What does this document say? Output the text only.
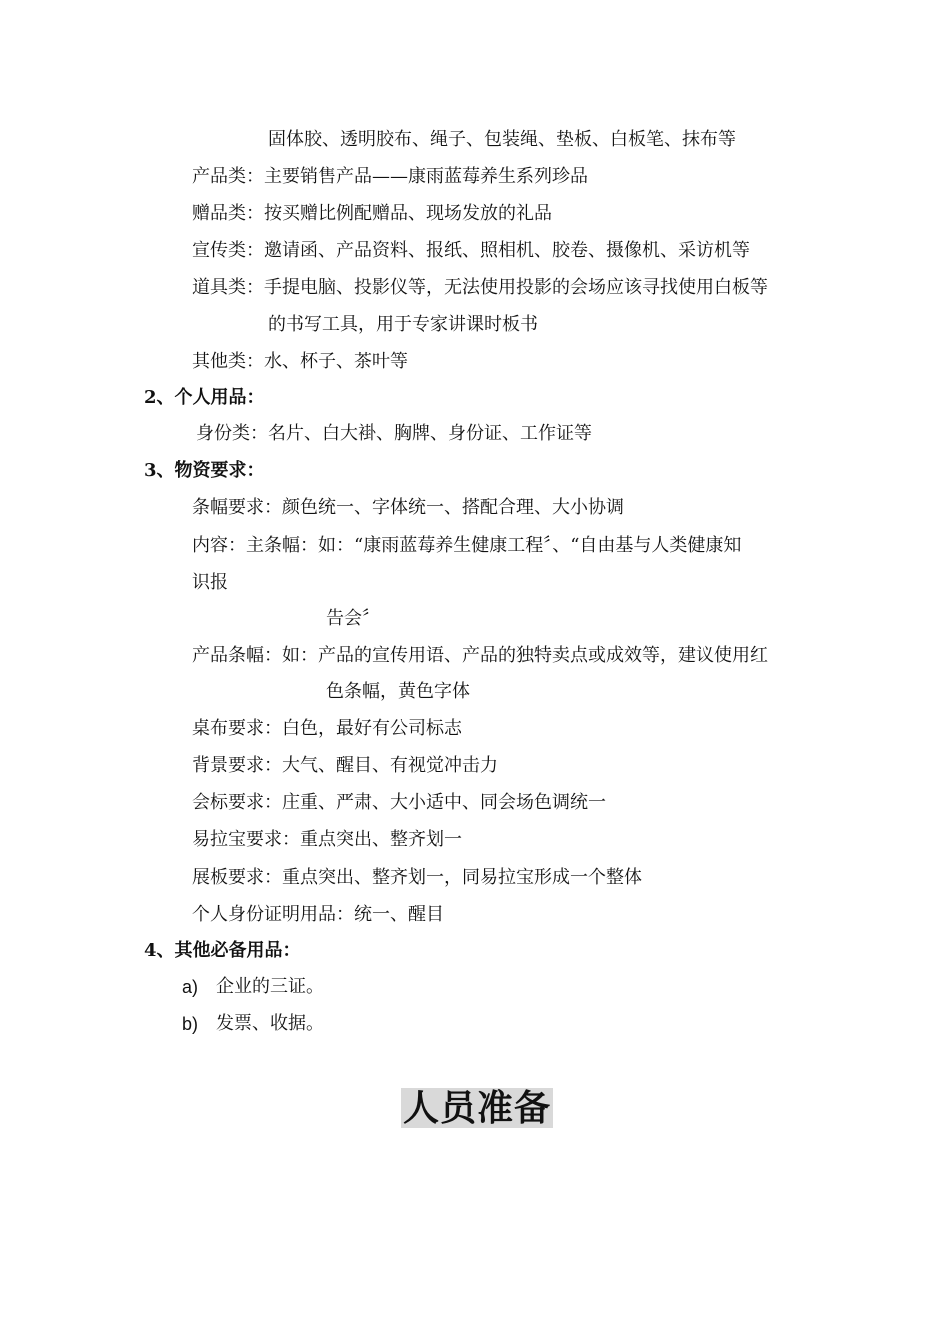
固体胶、透明胶布、绳子、包装绳、垫板、白板笔、抹布等
产品类：主要销售产品——康雨蓝莓养生系列珍品
赠品类：按买赠比例配赠品、现场发放的礼品
宣传类：邀请函、产品资料、报纸、照相机、胶卷、摄像机、采访机等
道具类：手提电脑、投影仪等，无法使用投影的会场应该寻找使用白板等
的书写工具，用于专家讲课时板书
其他类：水、杯子、茶叶等
2、个人用品：
身份类：名片、白大褂、胸牌、身份证、工作证等
3、物资要求：
条幅要求：颜色统一、字体统一、搭配合理、大小协调
内容：主条幅：如：“康雨蓝莓养生健康工程〞、“自由基与人类健康知
识报
告会〞
产品条幅：如：产品的宣传用语、产品的独特卖点或成效等，建议使用红
色条幅，黄色字体
桌布要求：白色，最好有公司标志
背景要求：大气、醒目、有视觉冲击力
会标要求：庄重、严肃、大小适中、同会场色调统一
易拉宝要求：重点突出、整齐划一
展板要求：重点突出、整齐划一，同易拉宝形成一个整体
个人身份证明用品：统一、醒目
4、其他必备用品：
a) 企业的三证。
b) 发票、收据。
人员准备
